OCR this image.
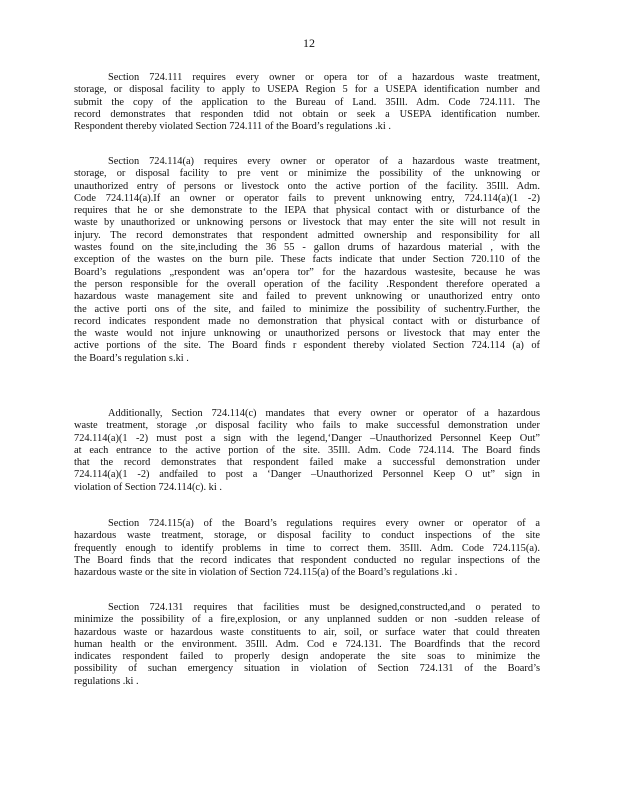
12
Section 724.111 requires every owner or opera tor of a hazardous waste treatment,
storage, or disposal facility to apply to USEPA Region 5 for a USEPA identification number and
submit the copy of the application to the Bureau of Land. 35Ill. Adm. Code 724.111. The
record demonstrates that responden tdid not obtain or seek a USEPA identification number.
Respondent thereby violated Section 724.111 of the Board’s regulations .ki .
Section 724.114(a) requires every owner or operator of a hazardous waste treatment,
storage, or disposal facility to pre vent or minimize the possibility of the unknowing or
unauthorized entry of persons or livestock onto the active portion of the facility. 35Ill. Adm.
Code 724.114(a).If an owner or operator fails to prevent unknowing entry, 724.114(a)(1 -2)
requires that he or she demonstrate to the IEPA that physical contact with or disturbance of the
waste by unauthorized or unknowing persons or livestock that may enter the site will not result in
injury. The record demonstrates that respondent admitted ownership and responsibility for all
wastes found on the site,including the 36 55 - gallon drums of hazardous material , with the
exception of the wastes on the burn pile. These facts indicate that under Section 720.110 of the
Board’s regulations „respondent was an‘opera tor” for the hazardous wastesite, because he was
the person responsible for the overall operation of the facility .Respondent therefore operated a
hazardous waste management site and failed to prevent unknowing or unauthorized entry onto
the active porti ons of the site, and failed to minimize the possibility of suchentry.Further, the
record indicates respondent made no demonstration that physical contact with or disturbance of
the waste would not injure unknowing or unauthorized persons or livestock that may enter the
active portions of the site. The Board finds r espondent thereby violated Section 724.114 (a) of
the Board’s regulation s.ki .
Additionally, Section 724.114(c) mandates that every owner or operator of a hazardous
waste treatment, storage ,or disposal facility who fails to make successful demonstration under
724.114(a)(1 -2) must post a sign with the legend,‘Danger –Unauthorized Personnel Keep Out”
at each entrance to the active portion of the site. 35Ill. Adm. Code 724.114. The Board finds
that the record demonstrates that respondent failed make a successful demonstration under
724.114(a)(1 -2) andfailed to post a ‘Danger –Unauthorized Personnel Keep O ut” sign in
violation of Section 724.114(c). ki .
Section 724.115(a) of the Board’s regulations requires every owner or operator of a
hazardous waste treatment, storage, or disposal facility to conduct inspections of the site
frequently enough to identify problems in time to correct them. 35Ill. Adm. Code 724.115(a).
The Board finds that the record indicates that respondent conducted no regular inspections of the
hazardous waste or the site in violation of Section 724.115(a) of the Board’s regulations .ki .
Section 724.131 requires that facilities must be designed,constructed,and o perated to
minimize the possibility of a fire,explosion, or any unplanned sudden or non -sudden release of
hazardous waste or hazardous waste constituents to air, soil, or surface water that could threaten
human health or the environment. 35Ill. Adm. Cod e 724.131. The Boardfinds that the record
indicates respondent failed to properly design andoperate the site soas to minimize the
possibility of suchan emergency situation in violation of Section 724.131 of the Board’s
regulations .ki .
